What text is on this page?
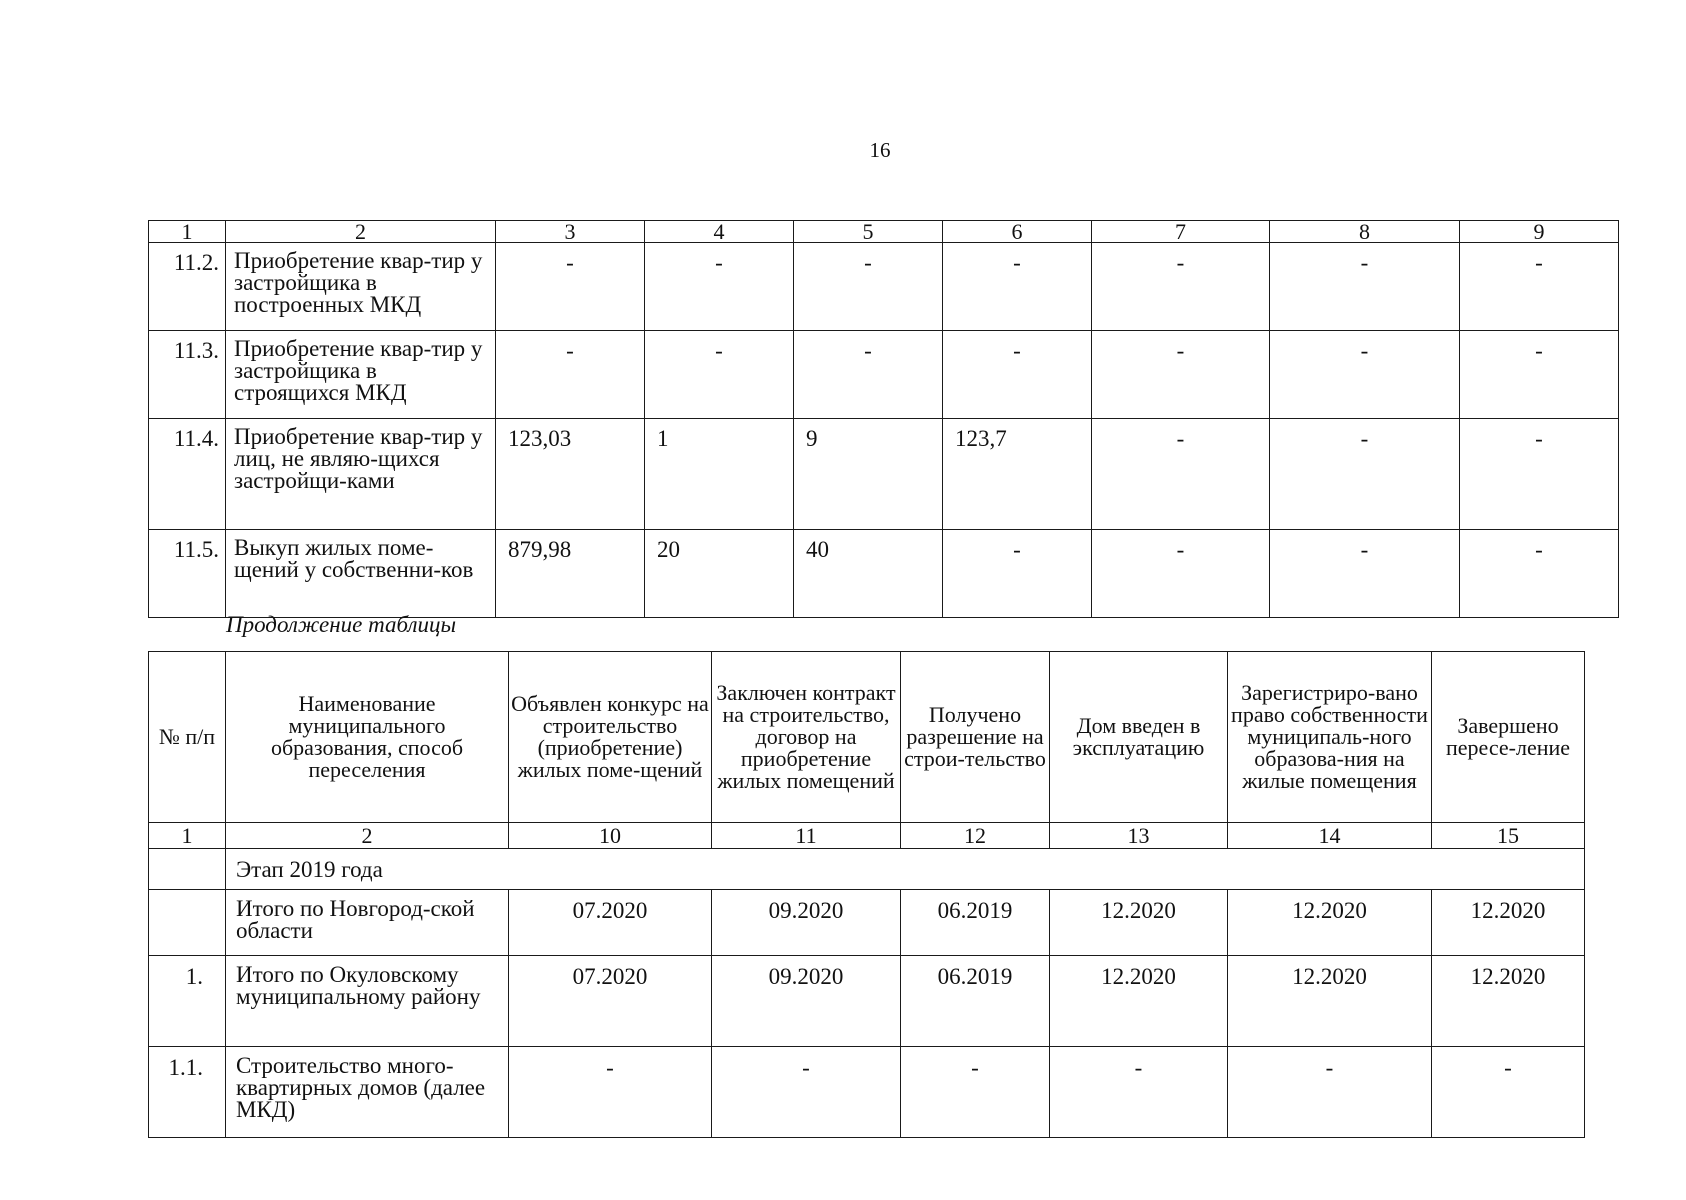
16
1	2	3	4	5	6	7	8	9
11.2.	Приобретение квар-тир у застройщика в построенных МКД	-	-	-	-	-	-	-
11.3.	Приобретение квар-тир у застройщика в строящихся МКД	-	-	-	-	-	-	-
11.4.	Приобретение квар-тир у лиц, не являю-щихся застройщи-ками	123,03	1	9	123,7	-	-	-
11.5.	Выкуп жилых поме-щений у собственни-ков	879,98	20	40	-	-	-	-
Продолжение таблицы
№ п/п	Наименование муниципального образования, способ переселения	Объявлен конкурс на строительство (приобретение) жилых поме-щений	Заключен контракт на строительство, договор на приобретение жилых помещений	Получено разрешение на строи-тельство	Дом введен в эксплуатацию	Зарегистриро-вано право собственности муниципаль-ного образова-ния на жилые помещения	Завершено пересе-ление
1	2	10	11	12	13	14	15
	Этап 2019 года						
	Итого по Новгород-ской области	07.2020	09.2020	06.2019	12.2020	12.2020	12.2020
1.	Итого по Окуловскому муниципальному району	07.2020	09.2020	06.2019	12.2020	12.2020	12.2020
1.1.	Строительство много-квартирных домов (далее МКД)	-	-	-	-	-	-
